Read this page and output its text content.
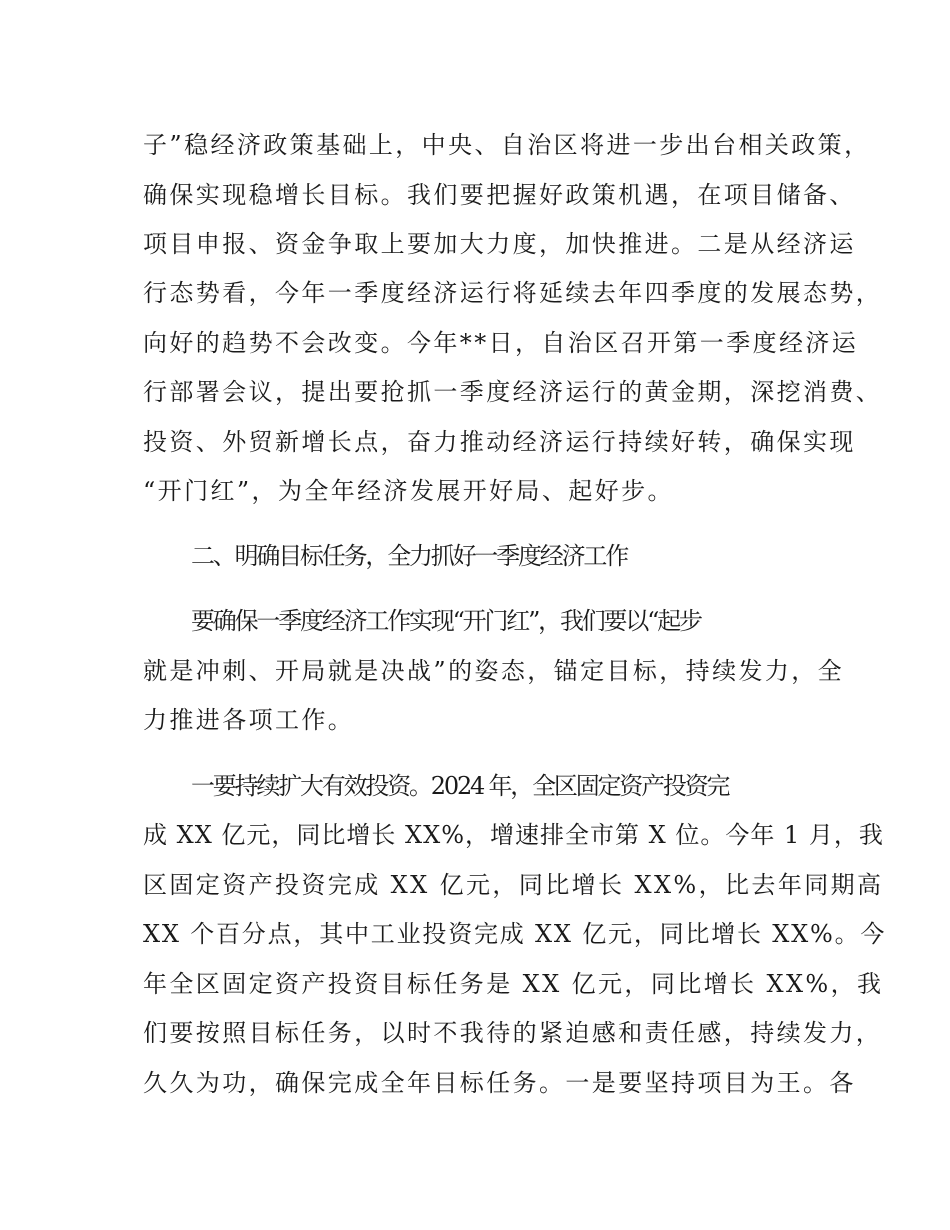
子”稳经济政策基础上，中央、自治区将进一步出台相关政策，
确保实现稳增长目标。我们要把握好政策机遇，在项目储备、
项目申报、资金争取上要加大力度，加快推进。二是从经济运
行态势看，今年一季度经济运行将延续去年四季度的发展态势，
向好的趋势不会改变。今年**日，自治区召开第一季度经济运
行部署会议，提出要抢抓一季度经济运行的黄金期，深挖消费、
投资、外贸新增长点，奋力推动经济运行持续好转，确保实现
“开门红”，为全年经济发展开好局、起好步。
二、明确目标任务，全力抓好一季度经济工作
要确保一季度经济工作实现“开门红”，我们要以“起步
就是冲刺、开局就是决战”的姿态，锚定目标，持续发力，全
力推进各项工作。
一要持续扩大有效投资。2024 年，全区固定资产投资完
成 XX 亿元，同比增长 XX%，增速排全市第 X 位。今年 1 月，我
区固定资产投资完成 XX 亿元，同比增长 XX%，比去年同期高
XX 个百分点，其中工业投资完成 XX 亿元，同比增长 XX%。今
年全区固定资产投资目标任务是 XX 亿元，同比增长 XX%，我
们要按照目标任务，以时不我待的紧迫感和责任感，持续发力，
久久为功，确保完成全年目标任务。一是要坚持项目为王。各
